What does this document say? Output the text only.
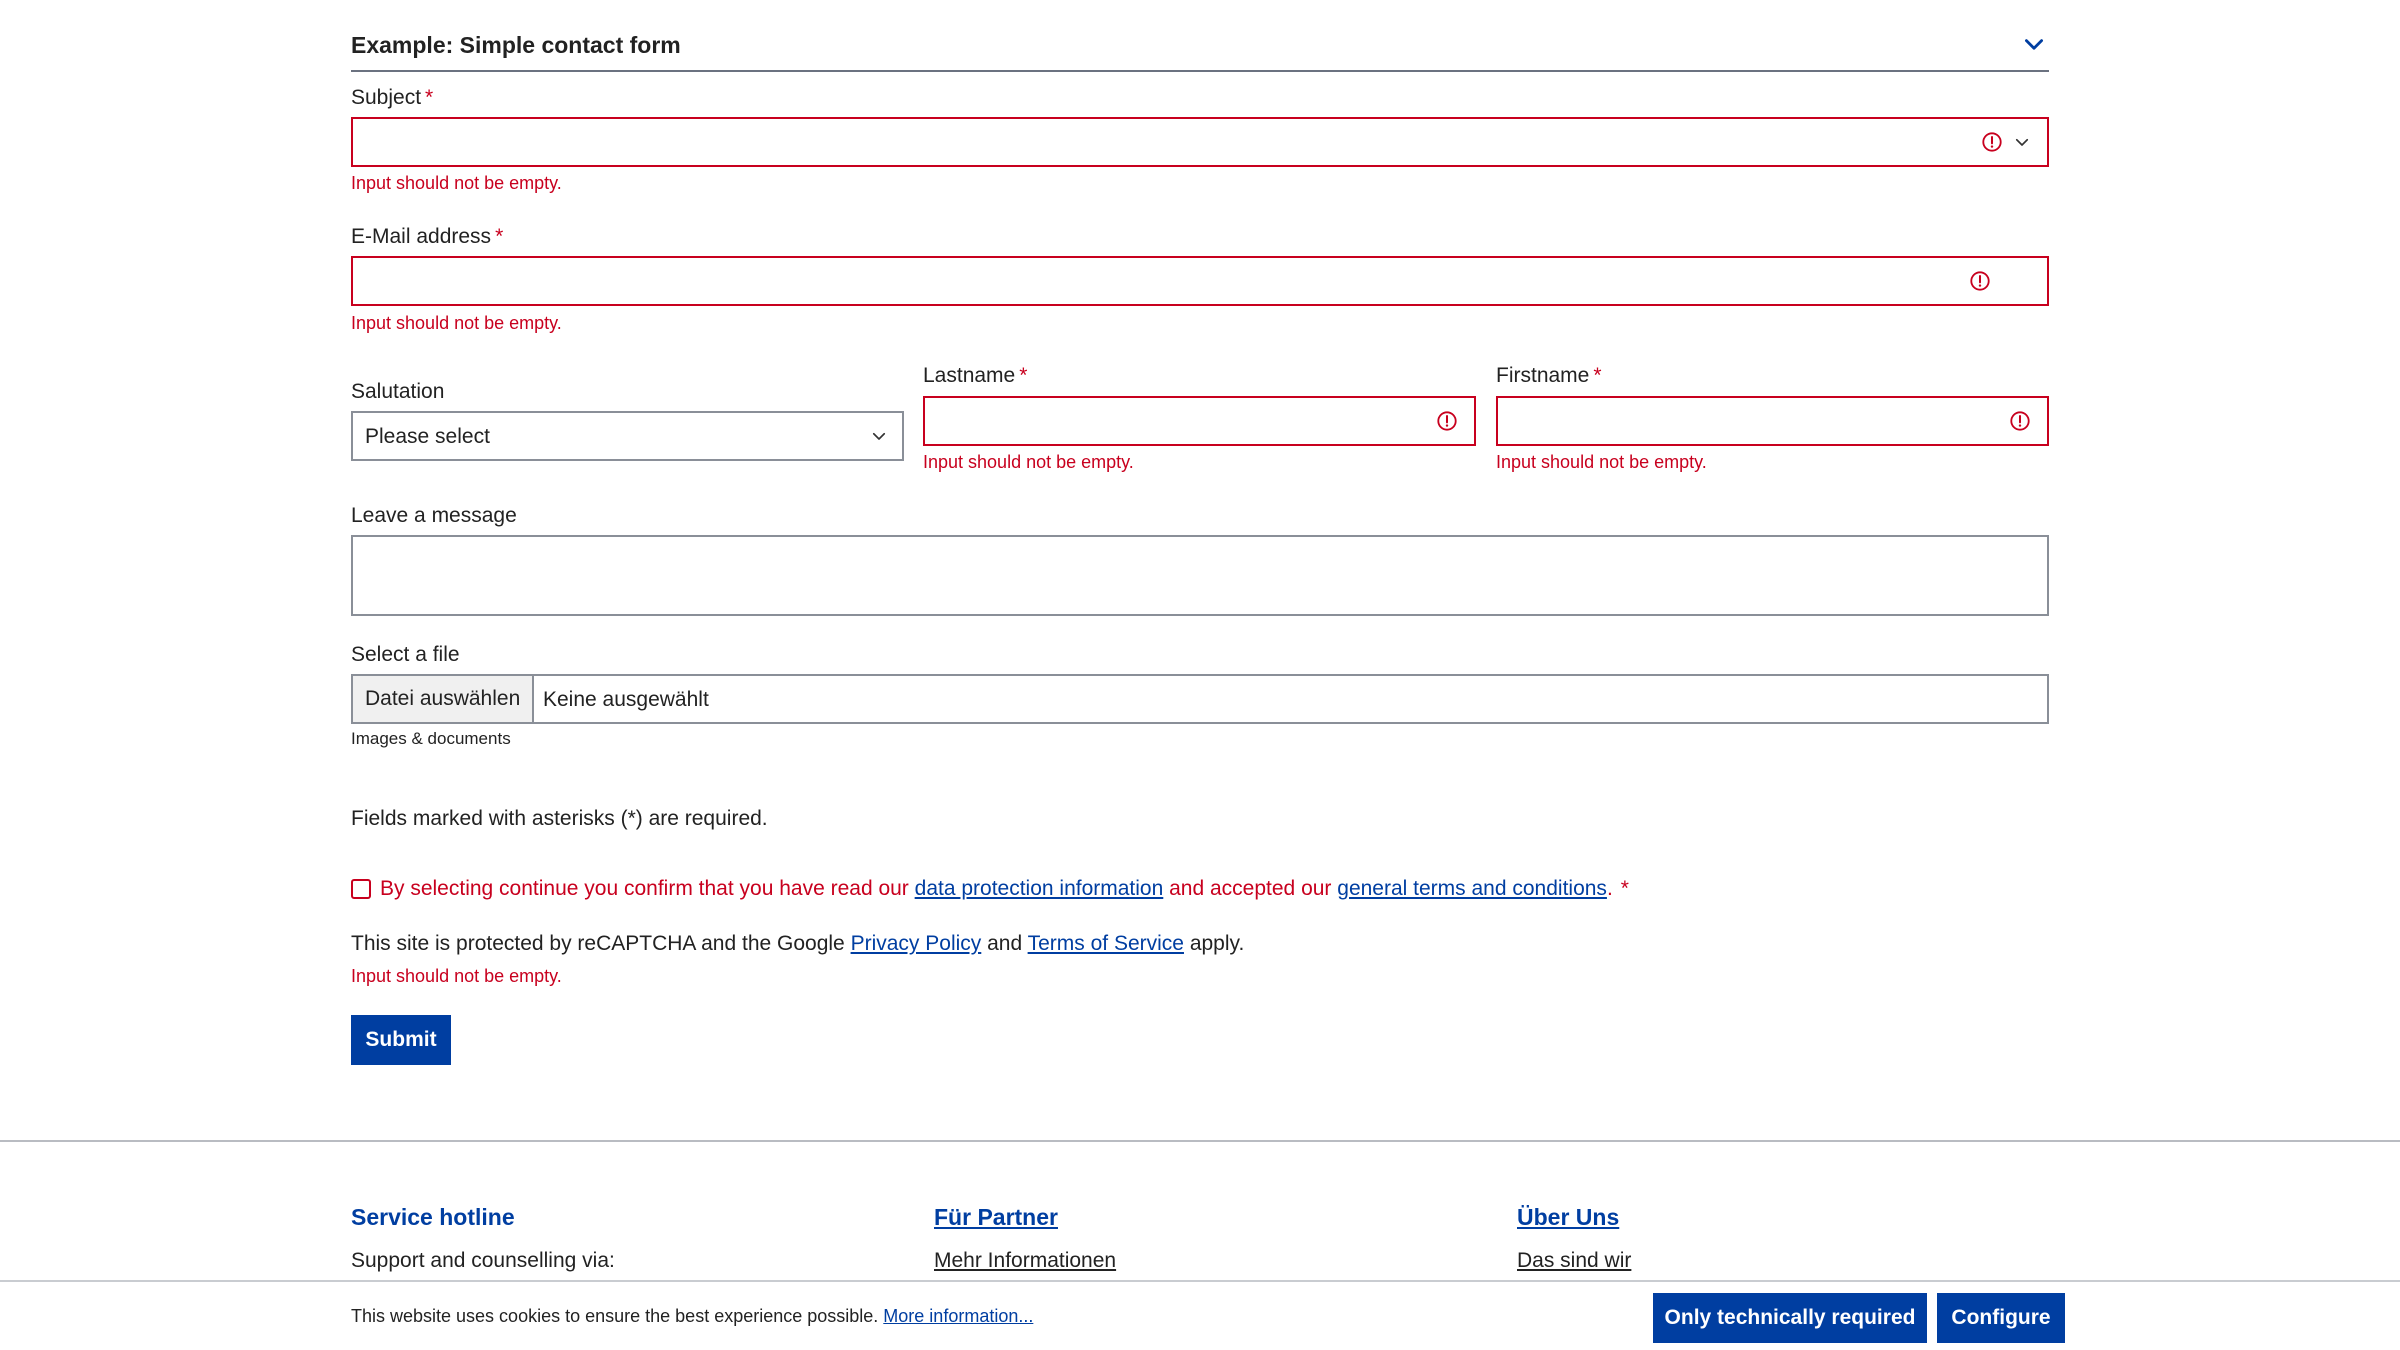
Example: Simple contact form
Subject *
Input should not be empty.
E-Mail address *
Input should not be empty.
Salutation
Please select
Lastname *
Input should not be empty.
Firstname *
Input should not be empty.
Leave a message
Select a file
Datei auswählen	Keine ausgewählt
Images & documents
Fields marked with asterisks (*) are required.
By selecting continue you confirm that you have read our data protection information and accepted our general terms and conditions. *
This site is protected by reCAPTCHA and the Google Privacy Policy and Terms of Service apply.
Input should not be empty.
Submit
Service hotline
Support and counselling via:
Für Partner
Mehr Informationen
Über Uns
Das sind wir
This website uses cookies to ensure the best experience possible. More information...	Only technically required	Configure
